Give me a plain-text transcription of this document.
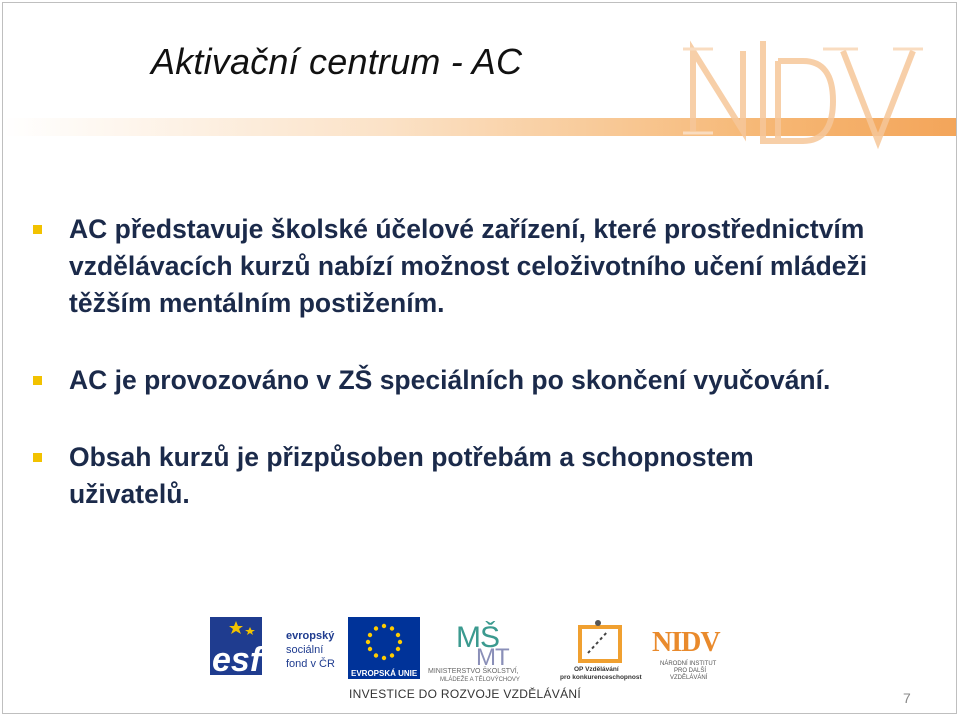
Aktivační centrum - AC
AC představuje školské účelové zařízení, které prostřednictvím vzdělávacích kurzů nabízí možnost celoživotního učení mládeži těžším mentálním postižením.
AC je provozováno v ZŠ speciálních po skončení vyučování.
Obsah kurzů je přizpůsoben potřebám a schopnostem uživatelů.
esf
evropský
sociální
fond v ČR
EVROPSKÁ UNIE
MŠ
MT
MINISTERSTVO ŠKOLSTVÍ,
MLÁDEŽE A TĚLOVÝCHOVY
OP Vzdělávání
pro konkurenceschopnost
NIDV
NÁRODNÍ INSTITUT
PRO DALŠÍ
VZDĚLÁVÁNÍ
INVESTICE DO ROZVOJE VZDĚLÁVÁNÍ	7
